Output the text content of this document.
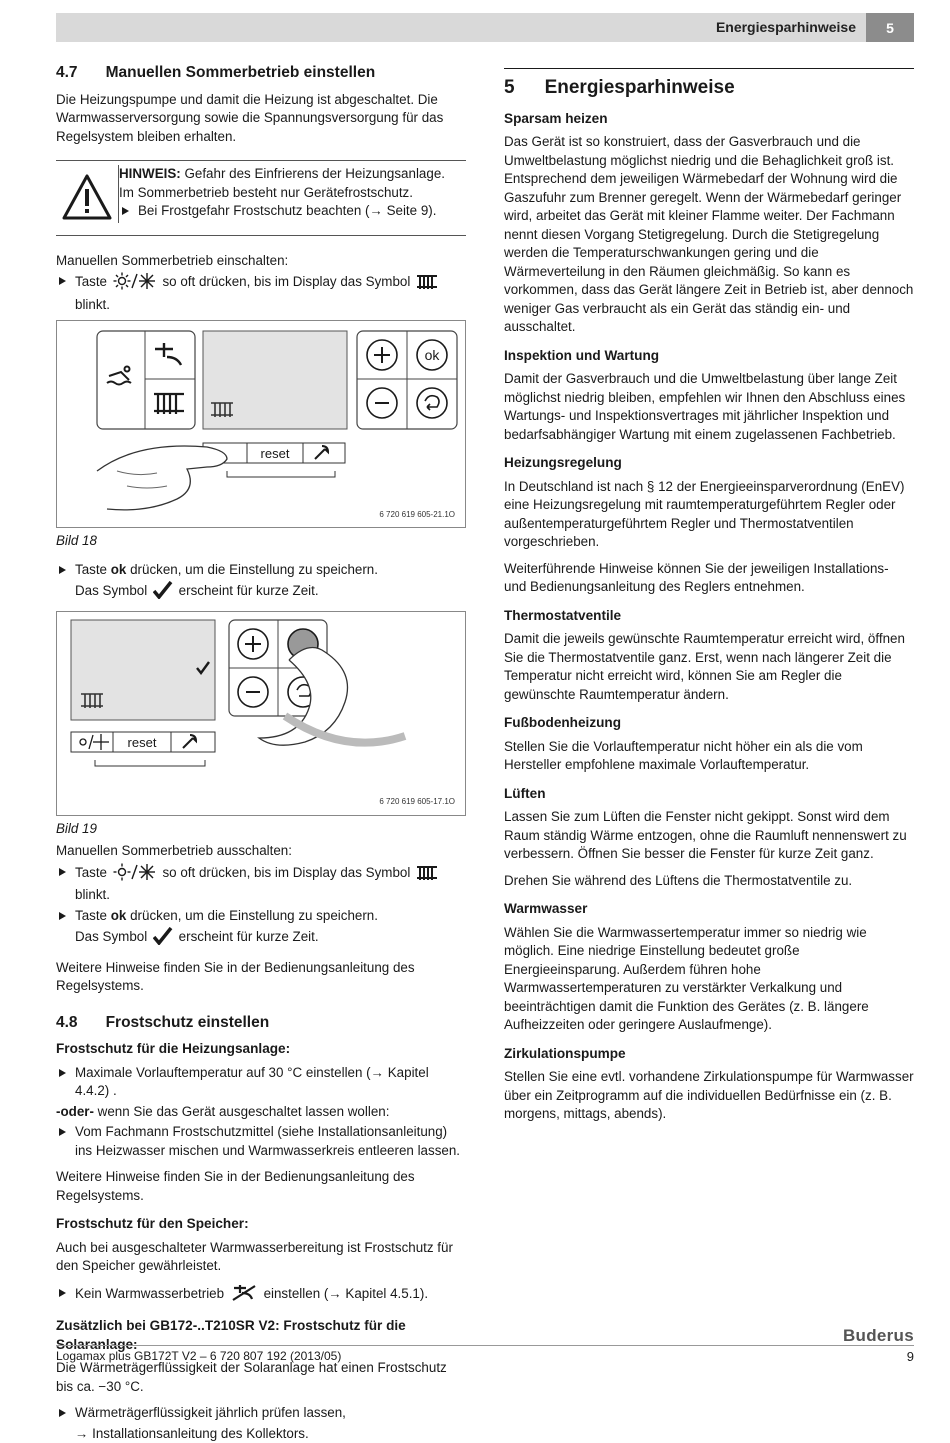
Energiesparhinweise	5
4.7 Manuellen Sommerbetrieb einstellen

Die Heizungspumpe und damit die Heizung ist abgeschaltet. Die Warmwasserversorgung sowie die Spannungsversorgung für das Regelsystem bleiben erhalten.

HINWEIS: Gefahr des Einfrierens der Heizungsanlage.
Im Sommerbetrieb besteht nur Gerätefrostschutz.
Bei Frostgefahr Frostschutz beachten (→ Seite 9).

Manuellen Sommerbetrieb einschalten:

Taste	so oft drücken, bis im Display das Symbol  blinkt.
ok
reset
6 720 619 605-21.1O
Bild 18
Taste ok drücken, um die Einstellung zu speichern.
Das Symbol erscheint für kurze Zeit.
reset
6 720 619 605-17.1O
Bild 19

Manuellen Sommerbetrieb ausschalten:

Taste	so oft drücken, bis im Display das Symbol  blinkt.
Taste ok drücken, um die Einstellung zu speichern.
Das Symbol erscheint für kurze Zeit.

Weitere Hinweise finden Sie in der Bedienungsanleitung des Regelsystems.

4.8 Frostschutz einstellen
Frostschutz für die Heizungsanlage:
Maximale Vorlauftemperatur auf 30 °C einstellen (→ Kapitel 4.4.2) .
-oder- wenn Sie das Gerät ausgeschaltet lassen wollen:
Vom Fachmann Frostschutzmittel (siehe Installationsanleitung) ins Heizwasser mischen und Warmwasserkreis entleeren lassen.

Weitere Hinweise finden Sie in der Bedienungsanleitung des Regelsystems.

Frostschutz für den Speicher:

Auch bei ausgeschalteter Warmwasserbereitung ist Frostschutz für den Speicher gewährleistet.

Kein Warmwasserbetrieb	einstellen (→ Kapitel 4.5.1).
Zusätzlich bei GB172-..T210SR V2: Frostschutz für die Solaranlage:

Die Wärmeträgerflüssigkeit der Solaranlage hat einen Frostschutz bis ca. −30 °C.

Wärmeträgerflüssigkeit jährlich prüfen lassen,
→ Installationsanleitung des Kollektors.
5 Energiesparhinweise
Sparsam heizen

Das Gerät ist so konstruiert, dass der Gasverbrauch und die Umweltbelastung möglichst niedrig und die Behaglichkeit groß ist. Entsprechend dem jeweiligen Wärmebedarf der Wohnung wird die Gaszufuhr zum Brenner geregelt. Wenn der Wärmebedarf geringer wird, arbeitet das Gerät mit kleiner Flamme weiter. Der Fachmann nennt diesen Vorgang Stetigregelung. Durch die Stetigregelung werden die Temperaturschwankungen gering und die Wärmeverteilung in den Räumen gleichmäßig. So kann es vorkommen, dass das Gerät längere Zeit in Betrieb ist, aber dennoch weniger Gas verbraucht als ein Gerät das ständig ein- und ausschaltet.

Inspektion und Wartung

Damit der Gasverbrauch und die Umweltbelastung über lange Zeit möglichst niedrig bleiben, empfehlen wir Ihnen den Abschluss eines Wartungs- und Inspektionsvertrages mit jährlicher Inspektion und bedarfsabhängiger Wartung mit einem zugelassenen Fachbetrieb.

Heizungsregelung

In Deutschland ist nach § 12 der Energieeinsparverordnung (EnEV) eine Heizungsregelung mit raumtemperaturgeführtem Regler oder außentemperaturgeführtem Regler und Thermostatventilen vorgeschrieben.

Weiterführende Hinweise können Sie der jeweiligen Installations- und Bedienungsanleitung des Reglers entnehmen.

Thermostatventile

Damit die jeweils gewünschte Raumtemperatur erreicht wird, öffnen Sie die Thermostatventile ganz. Erst, wenn nach längerer Zeit die Temperatur nicht erreicht wird, können Sie am Regler die gewünschte Raumtemperatur ändern.

Fußbodenheizung

Stellen Sie die Vorlauftemperatur nicht höher ein als die vom Hersteller empfohlene maximale Vorlauftemperatur.

Lüften

Lassen Sie zum Lüften die Fenster nicht gekippt. Sonst wird dem Raum ständig Wärme entzogen, ohne die Raumluft nennenswert zu verbessern. Öffnen Sie besser die Fenster für kurze Zeit ganz.

Drehen Sie während des Lüftens die Thermostatventile zu.

Warmwasser

Wählen Sie die Warmwassertemperatur immer so niedrig wie möglich. Eine niedrige Einstellung bedeutet große Energieeinsparung. Außerdem führen hohe Warmwassertemperaturen zu verstärkter Verkalkung und beeinträchtigen damit die Funktion des Gerätes (z. B. längere Aufheizzeiten oder geringere Auslaufmenge).

Zirkulationspumpe

Stellen Sie eine evtl. vorhandene Zirkulationspumpe für Warmwasser über ein Zeitprogramm auf die individuellen Bedürfnisse ein (z. B. morgens, mittags, abends).

Buderus
Logamax plus GB172T V2 – 6 720 807 192 (2013/05)	9
